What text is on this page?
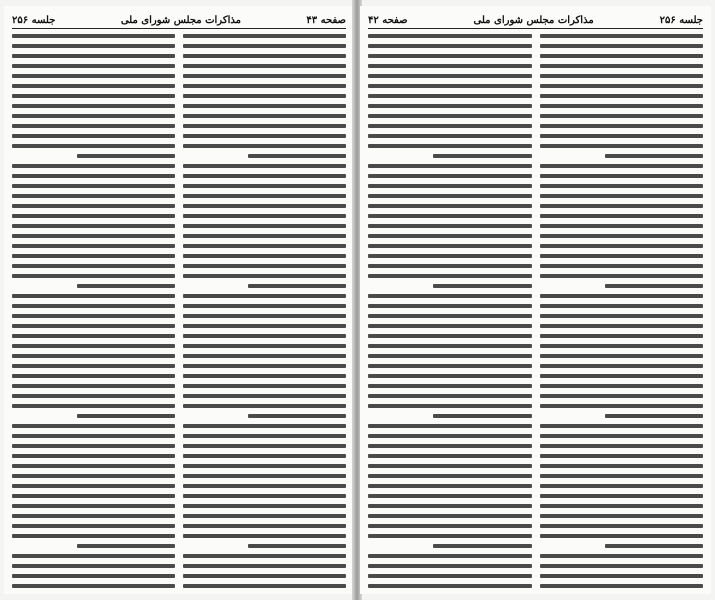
صفحه ۴۳
مذاکرات مجلس شورای ملی
جلسه ۲۵۶	جلسه ۲۵۶
مذاکرات مجلس شورای ملی
صفحه ۴۲
